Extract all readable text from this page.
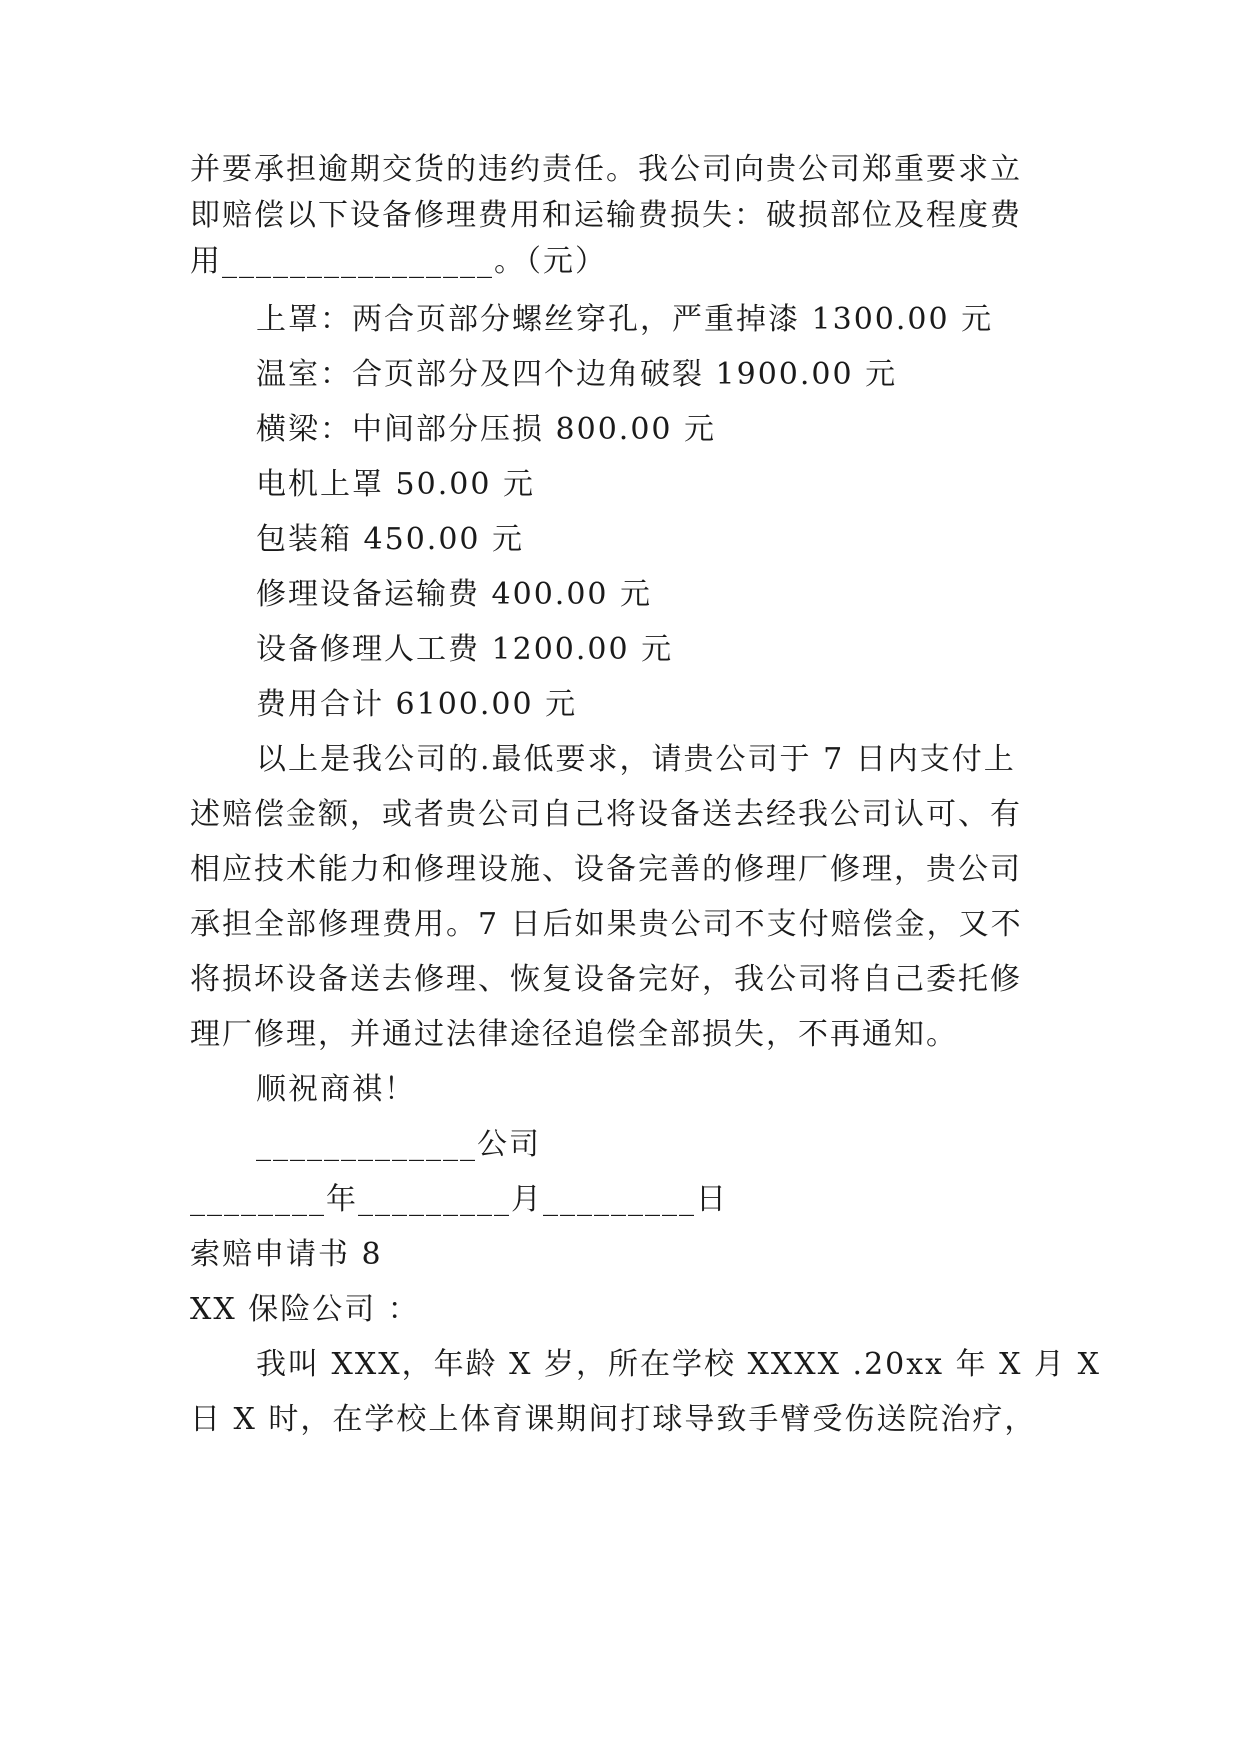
并要承担逾期交货的违约责任。我公司向贵公司郑重要求立
即赔偿以下设备修理费用和运输费损失：破损部位及程度费
用________________。（元）
上罩：两合页部分螺丝穿孔，严重掉漆 1300.00 元
温室：合页部分及四个边角破裂 1900.00 元
横梁：中间部分压损 800.00 元
电机上罩 50.00 元
包装箱 450.00 元
修理设备运输费 400.00 元
设备修理人工费 1200.00 元
费用合计 6100.00 元
以上是我公司的.最低要求，请贵公司于 7 日内支付上
述赔偿金额，或者贵公司自己将设备送去经我公司认可、有
相应技术能力和修理设施、设备完善的修理厂修理，贵公司
承担全部修理费用。7 日后如果贵公司不支付赔偿金，又不
将损坏设备送去修理、恢复设备完好，我公司将自己委托修
理厂修理，并通过法律途径追偿全部损失，不再通知。
顺祝商祺！
_____________公司
________年_________月_________日
索赔申请书 8
XX 保险公司 ：
我叫 XXX，年龄 X 岁，所在学校 XXXX .20xx 年 X 月 X
日 X 时，在学校上体育课期间打球导致手臂受伤送院治疗，
